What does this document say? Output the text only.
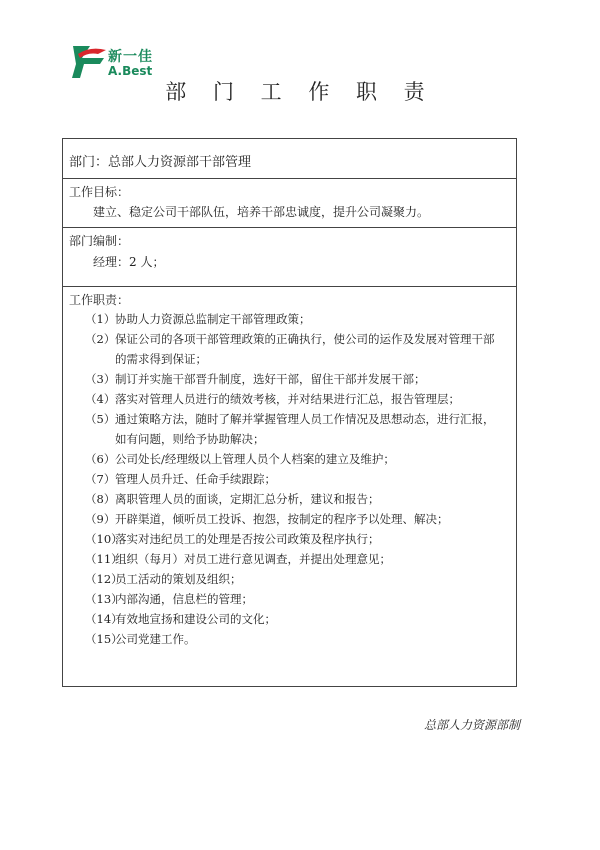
新一佳
A.Best
部 门 工 作 职 责
部门：总部人力资源部干部管理
工作目标：
建立、稳定公司干部队伍，培养干部忠诚度，提升公司凝聚力。
部门编制：
经理：2 人；
工作职责：
（1） 协助人力资源总监制定干部管理政策；
（2） 保证公司的各项干部管理政策的正确执行，使公司的运作及发展对管理干部
的需求得到保证；
（3） 制订并实施干部晋升制度，选好干部，留住干部并发展干部；
（4） 落实对管理人员进行的绩效考核，并对结果进行汇总，报告管理层；
（5） 通过策略方法，随时了解并掌握管理人员工作情况及思想动态，进行汇报，
如有问题，则给予协助解决；
（6） 公司处长/经理级以上管理人员个人档案的建立及维护；
（7） 管理人员升迁、任命手续跟踪；
（8） 离职管理人员的面谈，定期汇总分析，建议和报告；
（9） 开辟渠道，倾听员工投诉、抱怨，按制定的程序予以处理、解决；
（10）
落实对违纪员工的处理是否按公司政策及程序执行；
（11）
组织（每月）对员工进行意见调查，并提出处理意见；
（12）
员工活动的策划及组织；
（13）
内部沟通，信息栏的管理；
（14）
有效地宣扬和建设公司的文化；
（15）
公司党建工作。
总部人力资源部制
